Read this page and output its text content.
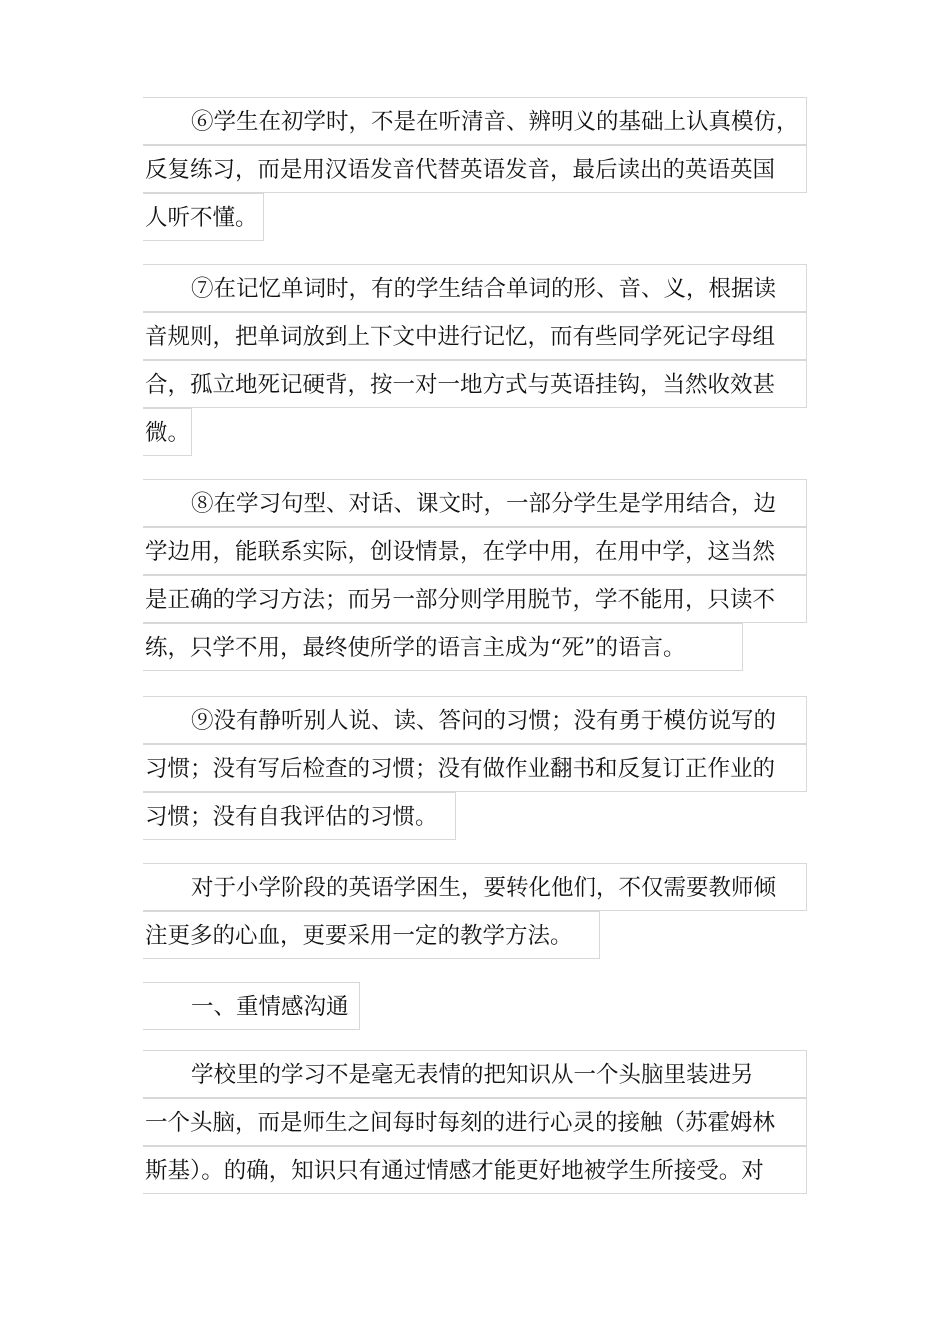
⑥学生在初学时，不是在听清音、辨明义的基础上认真模仿，
反复练习，而是用汉语发音代替英语发音，最后读出的英语英国
人听不懂。
⑦在记忆单词时，有的学生结合单词的形、音、义，根据读
音规则，把单词放到上下文中进行记忆，而有些同学死记字母组
合，孤立地死记硬背，按一对一地方式与英语挂钩，当然收效甚
微。
⑧在学习句型、对话、课文时，一部分学生是学用结合，边
学边用，能联系实际，创设情景，在学中用，在用中学，这当然
是正确的学习方法；而另一部分则学用脱节，学不能用，只读不
练，只学不用，最终使所学的语言主成为“死”的语言。
⑨没有静听别人说、读、答问的习惯；没有勇于模仿说写的
习惯；没有写后检查的习惯；没有做作业翻书和反复订正作业的
习惯；没有自我评估的习惯。
对于小学阶段的英语学困生，要转化他们，不仅需要教师倾
注更多的心血，更要采用一定的教学方法。
一、重情感沟通
学校里的学习不是毫无表情的把知识从一个头脑里装进另
一个头脑，而是师生之间每时每刻的进行心灵的接触（苏霍姆林
斯基）。的确，知识只有通过情感才能更好地被学生所接受。对
